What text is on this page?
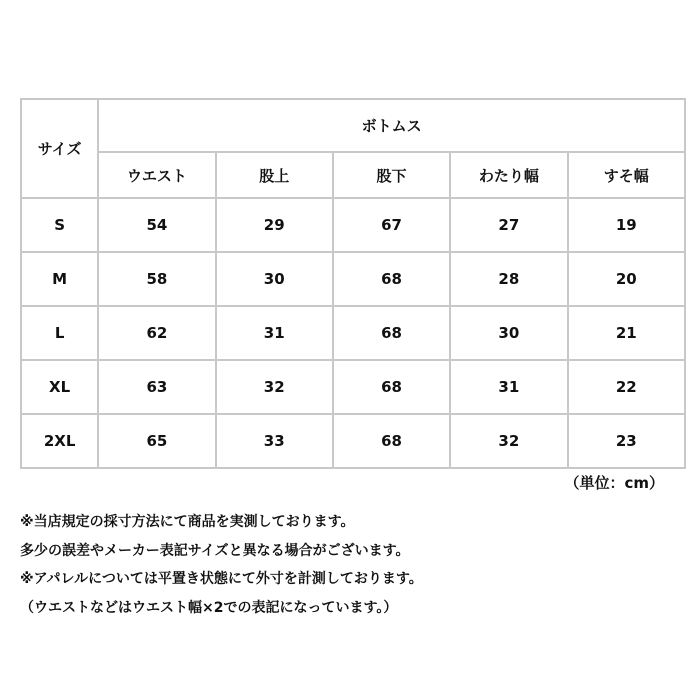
サイズ	ボトムス				
	ウエスト	股上	股下	わたり幅	すそ幅
S	54	29	67	27	19
M	58	30	68	28	20
L	62	31	68	30	21
XL	63	32	68	31	22
2XL	65	33	68	32	23
（単位：cm）
※当店規定の採寸方法にて商品を実測しております。
多少の誤差やメーカー表記サイズと異なる場合がございます。
※アパレルについては平置き状態にて外寸を計測しております。
（ウエストなどはウエスト幅×2での表記になっています。）
